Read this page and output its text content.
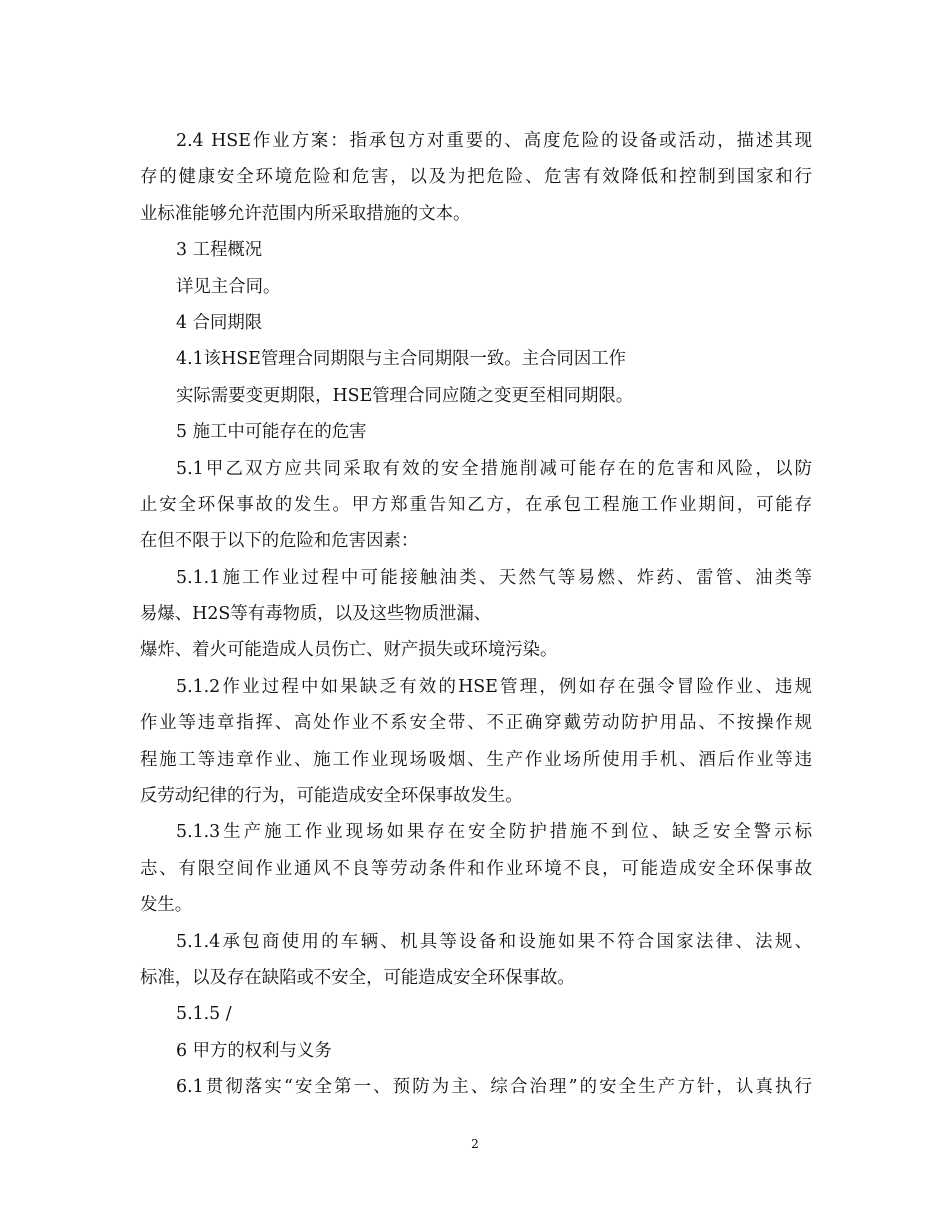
2.4 HSE作业方案：指承包方对重要的、高度危险的设备或活动，描述其现
存的健康安全环境危险和危害，以及为把危险、危害有效降低和控制到国家和行
业标准能够允许范围内所采取措施的文本。
3 工程概况
详见主合同。
4 合同期限
4.1该HSE管理合同期限与主合同期限一致。主合同因工作
实际需要变更期限，HSE管理合同应随之变更至相同期限。
5 施工中可能存在的危害
5.1甲乙双方应共同采取有效的安全措施削减可能存在的危害和风险，以防
止安全环保事故的发生。甲方郑重告知乙方，在承包工程施工作业期间，可能存
在但不限于以下的危险和危害因素：
5.1.1施工作业过程中可能接触油类、天然气等易燃、炸药、雷管、油类等
易爆、H2S等有毒物质，以及这些物质泄漏、
爆炸、着火可能造成人员伤亡、财产损失或环境污染。
5.1.2作业过程中如果缺乏有效的HSE管理，例如存在强令冒险作业、违规
作业等违章指挥、高处作业不系安全带、不正确穿戴劳动防护用品、不按操作规
程施工等违章作业、施工作业现场吸烟、生产作业场所使用手机、酒后作业等违
反劳动纪律的行为，可能造成安全环保事故发生。
5.1.3生产施工作业现场如果存在安全防护措施不到位、缺乏安全警示标
志、有限空间作业通风不良等劳动条件和作业环境不良，可能造成安全环保事故
发生。
5.1.4承包商使用的车辆、机具等设备和设施如果不符合国家法律、法规、
标准，以及存在缺陷或不安全，可能造成安全环保事故。
5.1.5 /
6 甲方的权利与义务
6.1贯彻落实“安全第一、预防为主、综合治理”的安全生产方针，认真执行
2
